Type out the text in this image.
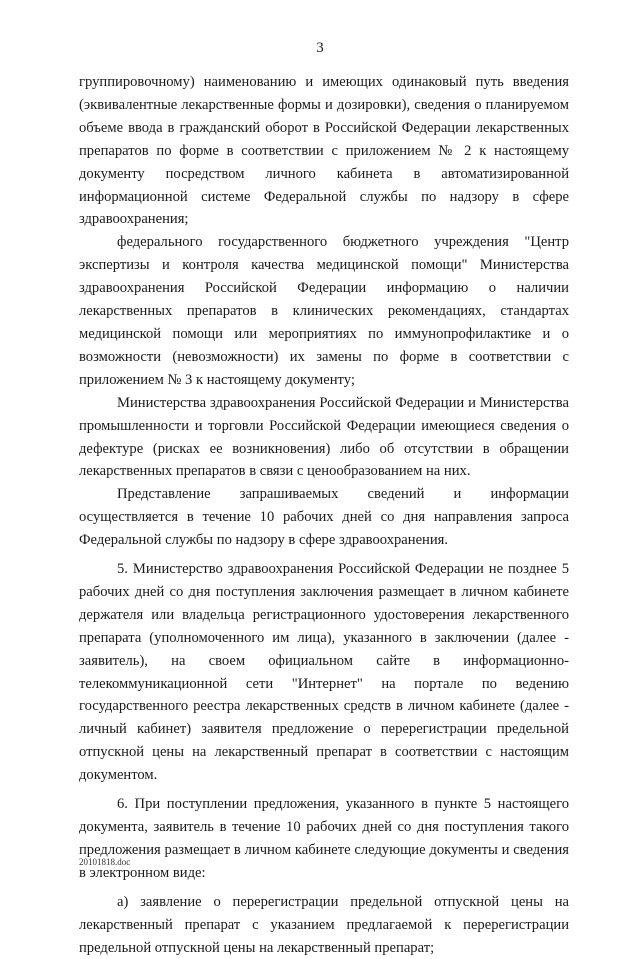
3

группировочному) наименованию и имеющих одинаковый путь введения (эквивалентные лекарственные формы и дозировки), сведения о планируемом объеме ввода в гражданский оборот в Российской Федерации лекарственных препаратов по форме в соответствии с приложением № 2 к настоящему документу посредством личного кабинета в автоматизированной информационной системе Федеральной службы по надзору в сфере здравоохранения;

федерального государственного бюджетного учреждения "Центр экспертизы и контроля качества медицинской помощи" Министерства здравоохранения Российской Федерации информацию о наличии лекарственных препаратов в клинических рекомендациях, стандартах медицинской помощи или мероприятиях по иммунопрофилактике и о возможности (невозможности) их замены по форме в соответствии с приложением № 3 к настоящему документу;

Министерства здравоохранения Российской Федерации и Министерства промышленности и торговли Российской Федерации имеющиеся сведения о дефектуре (рисках ее возникновения) либо об отсутствии в обращении лекарственных препаратов в связи с ценообразованием на них.

Представление запрашиваемых сведений и информации осуществляется в течение 10 рабочих дней со дня направления запроса Федеральной службы по надзору в сфере здравоохранения.

5. Министерство здравоохранения Российской Федерации не позднее 5 рабочих дней со дня поступления заключения размещает в личном кабинете держателя или владельца регистрационного удостоверения лекарственного препарата (уполномоченного им лица), указанного в заключении (далее - заявитель), на своем официальном сайте в информационно-телекоммуникационной сети "Интернет" на портале по ведению государственного реестра лекарственных средств в личном кабинете (далее - личный кабинет) заявителя предложение о перерегистрации предельной отпускной цены на лекарственный препарат в соответствии с настоящим документом.

6. При поступлении предложения, указанного в пункте 5 настоящего документа, заявитель в течение 10 рабочих дней со дня поступления такого предложения размещает в личном кабинете следующие документы и сведения в электронном виде:

а) заявление о перерегистрации предельной отпускной цены на лекарственный препарат с указанием предлагаемой к перерегистрации предельной отпускной цены на лекарственный препарат;

20101818.doc
